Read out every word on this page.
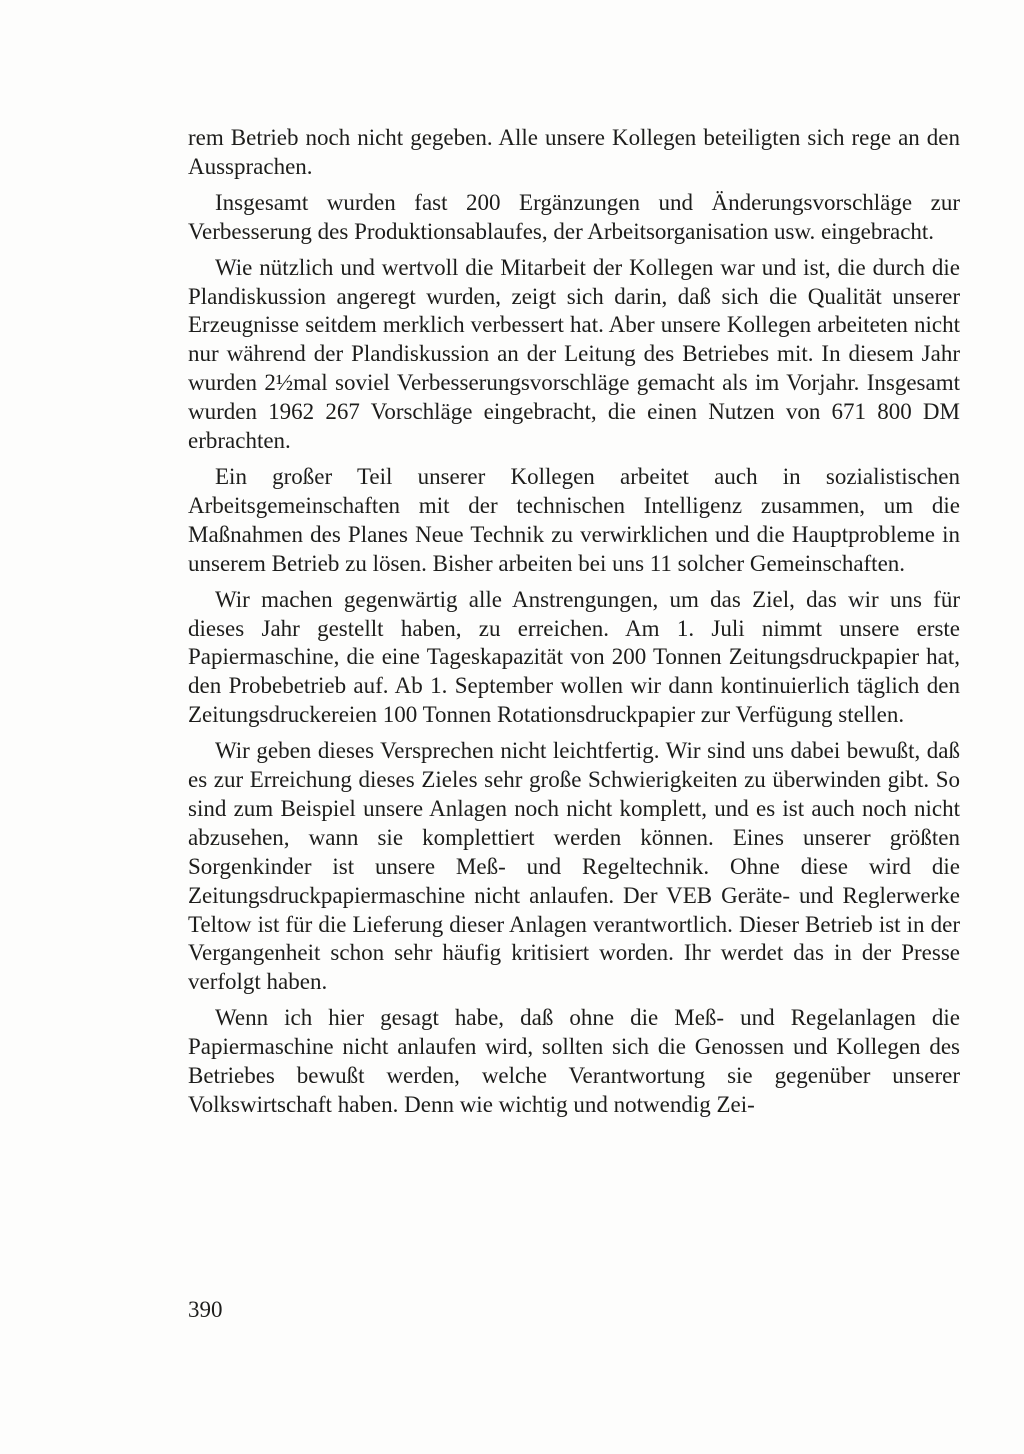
rem Betrieb noch nicht gegeben. Alle unsere Kollegen beteiligten sich rege an den Aussprachen.

Insgesamt wurden fast 200 Ergänzungen und Änderungsvorschläge zur Verbesserung des Produktionsablaufes, der Arbeitsorganisation usw. eingebracht.

Wie nützlich und wertvoll die Mitarbeit der Kollegen war und ist, die durch die Plandiskussion angeregt wurden, zeigt sich darin, daß sich die Qualität unserer Erzeugnisse seitdem merklich verbessert hat. Aber unsere Kollegen arbeiteten nicht nur während der Plandiskussion an der Leitung des Betriebes mit. In diesem Jahr wurden 2½mal soviel Verbesserungsvorschläge gemacht als im Vorjahr. Insgesamt wurden 1962 267 Vorschläge eingebracht, die einen Nutzen von 671 800 DM erbrachten.

Ein großer Teil unserer Kollegen arbeitet auch in sozialistischen Arbeitsgemeinschaften mit der technischen Intelligenz zusammen, um die Maßnahmen des Planes Neue Technik zu verwirklichen und die Hauptprobleme in unserem Betrieb zu lösen. Bisher arbeiten bei uns 11 solcher Gemeinschaften.

Wir machen gegenwärtig alle Anstrengungen, um das Ziel, das wir uns für dieses Jahr gestellt haben, zu erreichen. Am 1. Juli nimmt unsere erste Papiermaschine, die eine Tageskapazität von 200 Tonnen Zeitungsdruckpapier hat, den Probebetrieb auf. Ab 1. September wollen wir dann kontinuierlich täglich den Zeitungsdruckereien 100 Tonnen Rotationsdruckpapier zur Verfügung stellen.

Wir geben dieses Versprechen nicht leichtfertig. Wir sind uns dabei bewußt, daß es zur Erreichung dieses Zieles sehr große Schwierigkeiten zu überwinden gibt. So sind zum Beispiel unsere Anlagen noch nicht komplett, und es ist auch noch nicht abzusehen, wann sie komplettiert werden können. Eines unserer größten Sorgenkinder ist unsere Meß- und Regeltechnik. Ohne diese wird die Zeitungsdruckpapiermaschine nicht anlaufen. Der VEB Geräte- und Reglerwerke Teltow ist für die Lieferung dieser Anlagen verantwortlich. Dieser Betrieb ist in der Vergangenheit schon sehr häufig kritisiert worden. Ihr werdet das in der Presse verfolgt haben.

Wenn ich hier gesagt habe, daß ohne die Meß- und Regelanlagen die Papiermaschine nicht anlaufen wird, sollten sich die Genossen und Kollegen des Betriebes bewußt werden, welche Verantwortung sie gegenüber unserer Volkswirtschaft haben. Denn wie wichtig und notwendig Zei-

390
